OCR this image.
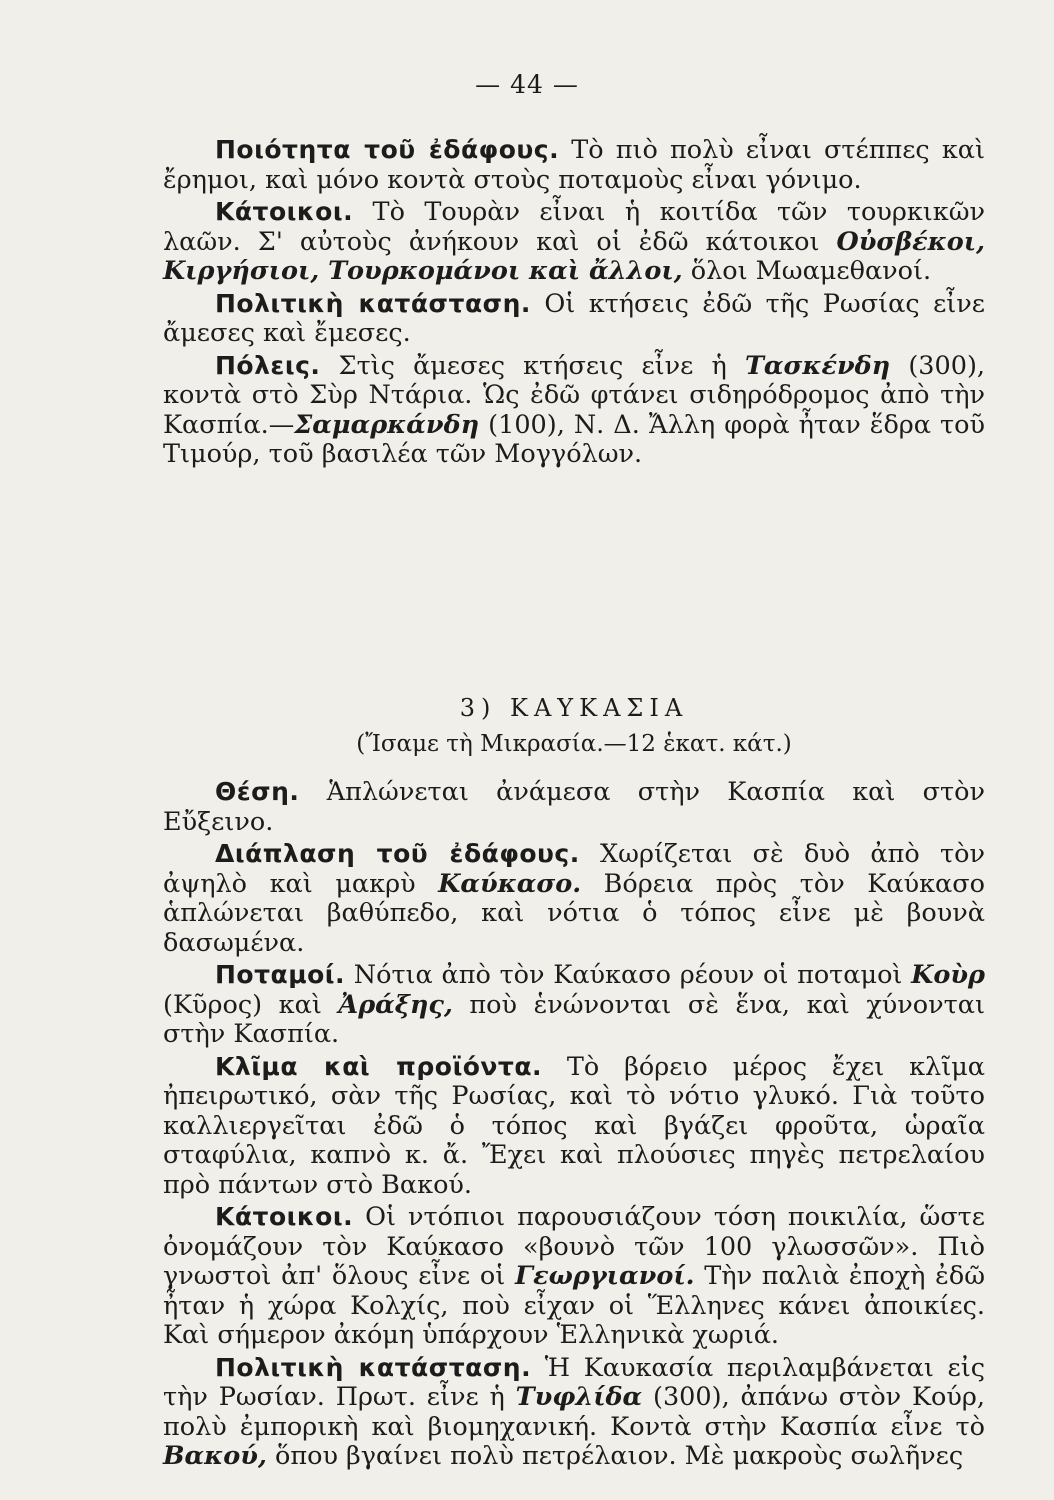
— 44 —

Ποιότητα τοῦ ἐδάφους. Τὸ πιὸ πολὺ εἶναι στέππες καὶ ἔρημοι, καὶ μόνο κοντὰ στοὺς ποταμοὺς εἶναι γόνιμο.

Κάτοικοι. Τὸ Τουρὰν εἶναι ἡ κοιτίδα τῶν τουρκικῶν λαῶν. Σ' αὐτοὺς ἀνήκουν καὶ οἱ ἐδῶ κάτοικοι Οὐσβέκοι, Κιργήσιοι, Τουρκομάνοι καὶ ἄλλοι, ὅλοι Μωαμεθανοί.

Πολιτικὴ κατάσταση. Οἱ κτήσεις ἐδῶ τῆς Ρωσίας εἶνε ἄμεσες καὶ ἔμεσες.

Πόλεις. Στὶς ἄμεσες κτήσεις εἶνε ἡ Τασκένδη (300), κοντὰ στὸ Σὺρ Ντάρια. Ὡς ἐδῶ φτάνει σιδηρόδρομος ἀπὸ τὴν Κασπία.—Σαμαρκάνδη (100), Ν. Δ. Ἄλλη φορὰ ἦταν ἕδρα τοῦ Τιμούρ, τοῦ βασιλέα τῶν Μογγόλων.

3) ΚΑΥΚΑΣΙΑ
(Ἴσαμε τὴ Μικρασία.—12 ἑκατ. κάτ.)

Θέση. Ἁπλώνεται ἀνάμεσα στὴν Κασπία καὶ στὸν Εὔξεινο.

Διάπλαση τοῦ ἐδάφους. Χωρίζεται σὲ δυὸ ἀπὸ τὸν ἀψηλὸ καὶ μακρὺ Καύκασο. Βόρεια πρὸς τὸν Καύκασο ἁπλώνεται βαθύπεδο, καὶ νότια ὁ τόπος εἶνε μὲ βουνὰ δασωμένα.

Ποταμοί. Νότια ἀπὸ τὸν Καύκασο ρέουν οἱ ποταμοὶ Κοὺρ (Κῦρος) καὶ Ἀράξης, ποὺ ἑνώνονται σὲ ἕνα, καὶ χύνονται στὴν Κασπία.

Κλῖμα καὶ προϊόντα. Τὸ βόρειο μέρος ἔχει κλῖμα ἠπειρωτικό, σὰν τῆς Ρωσίας, καὶ τὸ νότιο γλυκό. Γιὰ τοῦτο καλλιεργεῖται ἐδῶ ὁ τόπος καὶ βγάζει φροῦτα, ὡραῖα σταφύλια, καπνὸ κ. ἄ. Ἔχει καὶ πλούσιες πηγὲς πετρελαίου πρὸ πάντων στὸ Βακού.

Κάτοικοι. Οἱ ντόπιοι παρουσιάζουν τόση ποικιλία, ὥστε ὀνομάζουν τὸν Καύκασο «βουνὸ τῶν 100 γλωσσῶν». Πιὸ γνωστοὶ ἀπ' ὅλους εἶνε οἱ Γεωργιανοί. Τὴν παλιὰ ἐποχὴ ἐδῶ ἦταν ἡ χώρα Κολχίς, ποὺ εἶχαν οἱ Ἕλληνες κάνει ἀποικίες. Καὶ σήμερον ἀκόμη ὑπάρχουν Ἑλληνικὰ χωριά.

Πολιτικὴ κατάσταση. Ἡ Καυκασία περιλαμβάνεται εἰς τὴν Ρωσίαν. Πρωτ. εἶνε ἡ Τυφλίδα (300), ἀπάνω στὸν Κούρ, πολὺ ἐμπορικὴ καὶ βιομηχανική. Κοντὰ στὴν Κασπία εἶνε τὸ Βακού, ὅπου βγαίνει πολὺ πετρέλαιον. Μὲ μακροὺς σωλῆνες
